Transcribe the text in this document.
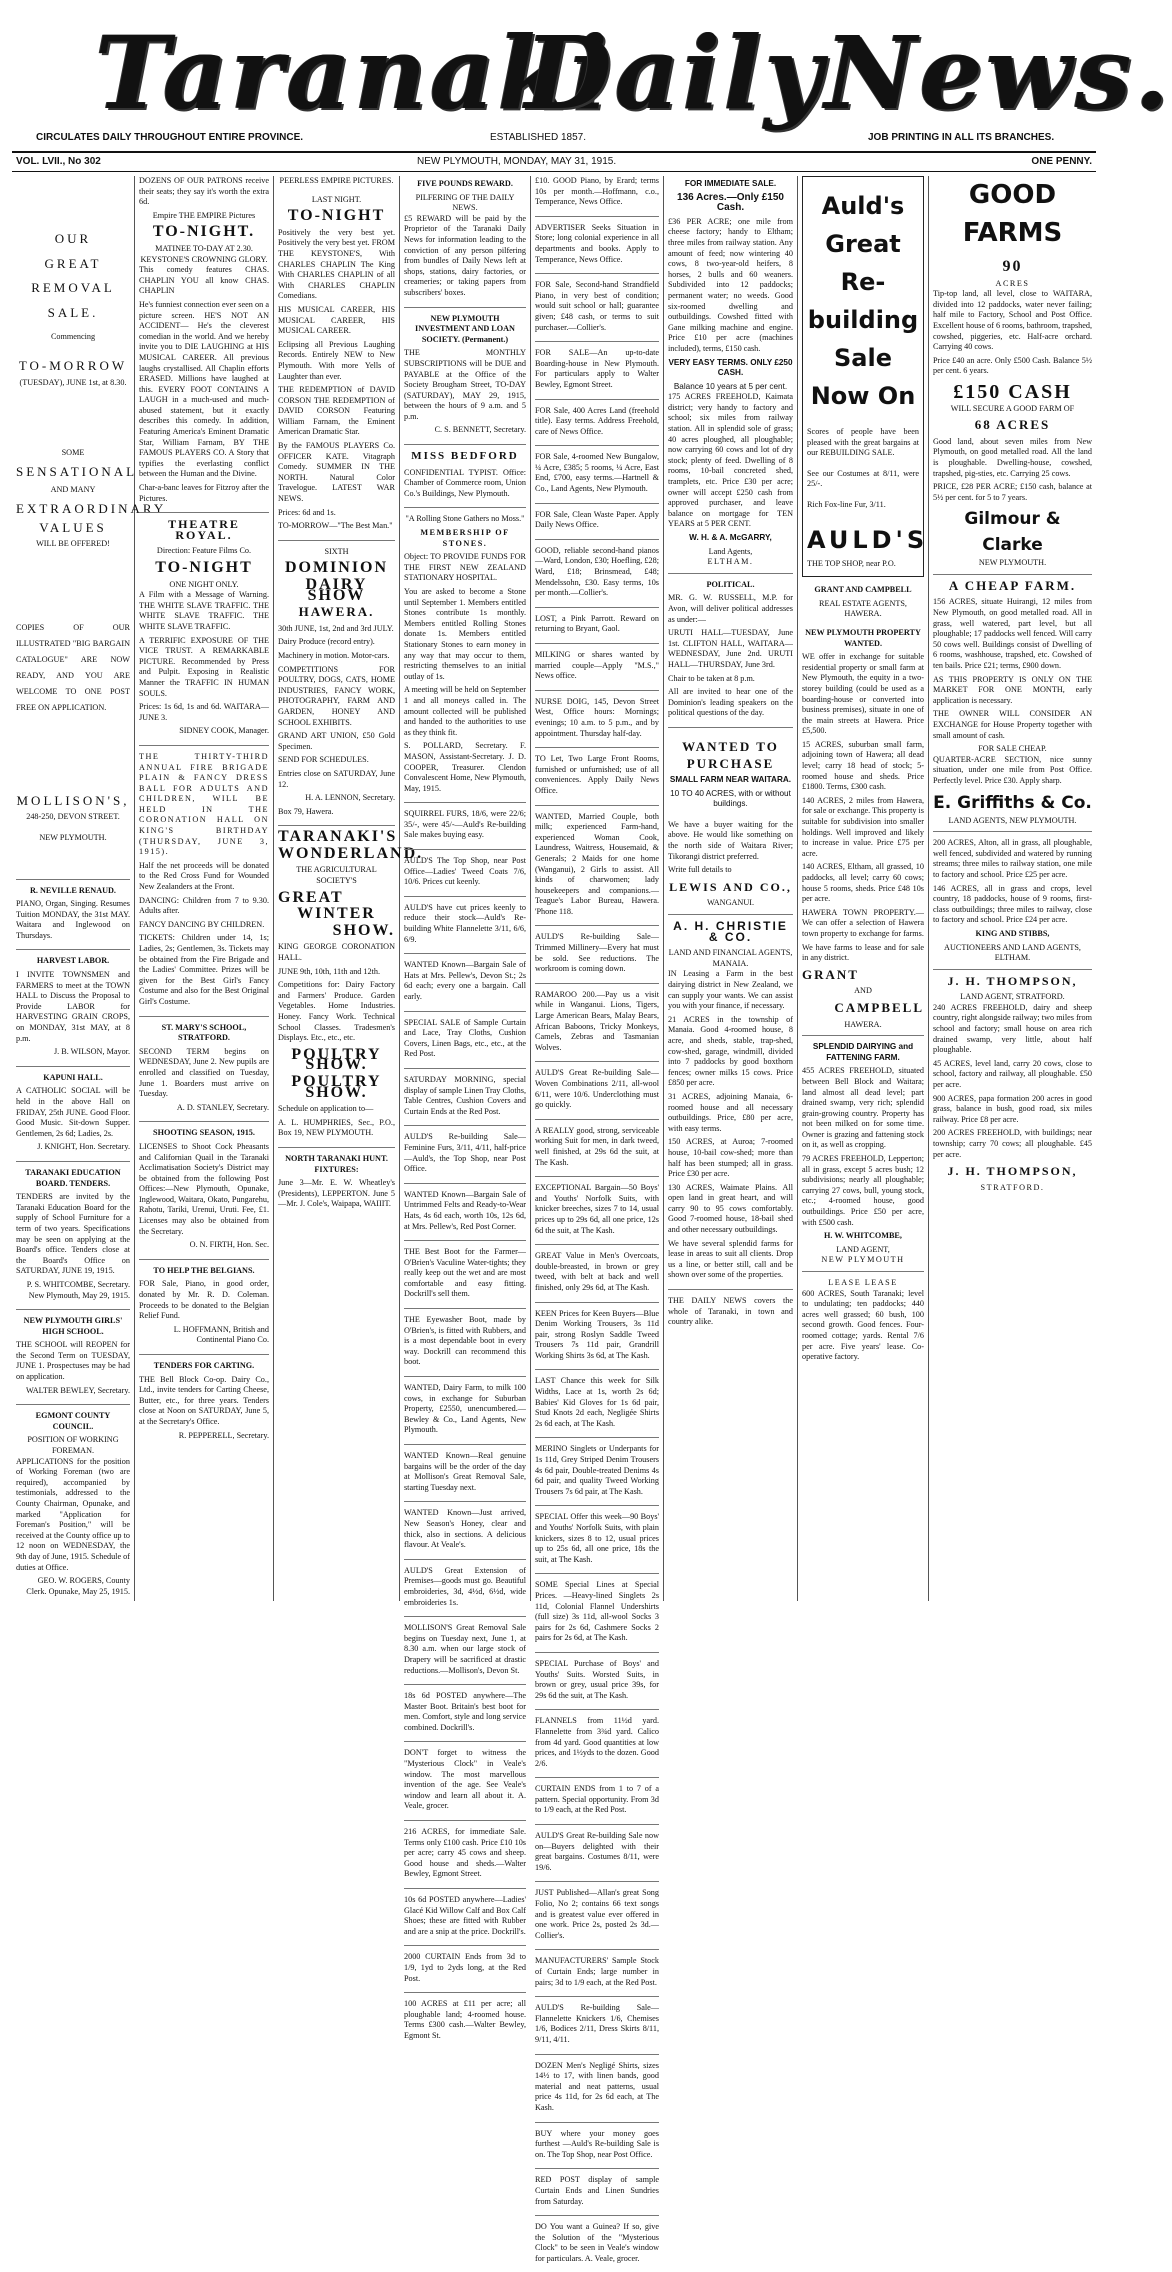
Taranaki
Daily News.
CIRCULATES DAILY THROUGHOUT ENTIRE PROVINCE.	ESTABLISHED 1857.	JOB PRINTING IN ALL ITS BRANCHES.
VOL. LVII., No 302	NEW PLYMOUTH, MONDAY, MAY 31, 1915.	ONE PENNY.
OUR
GREAT
REMOVAL
SALE.
Commencing
TO-MORROW
(TUESDAY), JUNE 1st, at 8.30.
SOME
SENSATIONAL
AND MANY
EXTRAORDINARY
VALUES
WILL BE OFFERED!

COPIES OF OUR ILLUSTRATED "BIG BARGAIN CATALOGUE" ARE NOW READY, AND YOU ARE WELCOME TO ONE POST FREE ON APPLICATION.

MOLLISON'S,
248-250, DEVON STREET.
NEW PLYMOUTH.
R. NEVILLE RENAUD.

PIANO, Organ, Singing. Resumes Tuition MONDAY, the 31st MAY. Waitara and Inglewood on Thursdays.

HARVEST LABOR.

I INVITE TOWNSMEN and FARMERS to meet at the TOWN HALL to Discuss the Proposal to Provide LABOR for HARVESTING GRAIN CROPS, on MONDAY, 31st MAY, at 8 p.m.

J. B. WILSON, Mayor.

KAPUNI HALL.

A CATHOLIC SOCIAL will be held in the above Hall on FRIDAY, 25th JUNE. Good Floor. Good Music. Sit-down Supper. Gentlemen, 2s 6d; Ladies, 2s.

J. KNIGHT, Hon. Secretary.

TARANAKI EDUCATION BOARD. TENDERS.

TENDERS are invited by the Taranaki Education Board for the supply of School Furniture for a term of two years. Specifications may be seen on applying at the Board's office. Tenders close at the Board's Office on SATURDAY, JUNE 19, 1915.

P. S. WHITCOMBE, Secretary. New Plymouth, May 29, 1915.

NEW PLYMOUTH GIRLS' HIGH SCHOOL.

THE SCHOOL will REOPEN for the Second Term on TUESDAY, JUNE 1. Prospectuses may be had on application.

WALTER BEWLEY, Secretary.

EGMONT COUNTY COUNCIL.
POSITION OF WORKING FOREMAN.

APPLICATIONS for the position of Working Foreman (two are required), accompanied by testimonials, addressed to the County Chairman, Opunake, and marked "Application for Foreman's Position," will be received at the County office up to 12 noon on WEDNESDAY, the 9th day of June, 1915. Schedule of duties at Office.

GEO. W. ROGERS, County Clerk. Opunake, May 25, 1915.

DOZENS OF OUR PATRONS receive their seats; they say it's worth the extra 6d.

Empire THE EMPIRE Pictures
TO-NIGHT.
MATINEE TO-DAY AT 2.30.
KEYSTONE'S CROWNING GLORY.

This comedy features CHAS. CHAPLIN YOU all know CHAS. CHAPLIN

He's funniest connection ever seen on a picture screen. HE'S NOT AN ACCIDENT— He's the cleverest comedian in the world. And we hereby invite you to DIE LAUGHING at HIS MUSICAL CAREER. All previous laughs crystallised. All Chaplin efforts ERASED. Millions have laughed at this. EVERY FOOT CONTAINS A LAUGH in a much-used and much-abused statement, but it exactly describes this comedy. In addition, Featuring America's Eminent Dramatic Star, William Farnam, BY THE FAMOUS PLAYERS CO. A Story that typifies the everlasting conflict between the Human and the Divine.

Char-a-banc leaves for Fitzroy after the Pictures.

THEATRE ROYAL.
Direction: Feature Films Co.
TO-NIGHT
ONE NIGHT ONLY.

A Film with a Message of Warning. THE WHITE SLAVE TRAFFIC. THE WHITE SLAVE TRAFFIC. THE WHITE SLAVE TRAFFIC.

A TERRIFIC EXPOSURE OF THE VICE TRUST. A REMARKABLE PICTURE. Recommended by Press and Pulpit. Exposing in Realistic Manner the TRAFFIC IN HUMAN SOULS.

Prices: 1s 6d, 1s and 6d. WAITARA—JUNE 3.

SIDNEY COOK, Manager.

THE THIRTY-THIRD ANNUAL FIRE BRIGADE PLAIN & FANCY DRESS BALL FOR ADULTS AND CHILDREN, WILL BE HELD IN THE CORONATION HALL ON KING'S BIRTHDAY (THURSDAY, JUNE 3, 1915).

Half the net proceeds will be donated to the Red Cross Fund for Wounded New Zealanders at the Front.

DANCING: Children from 7 to 9.30. Adults after.

FANCY DANCING BY CHILDREN.

TICKETS: Children under 14, 1s; Ladies, 2s; Gentlemen, 3s. Tickets may be obtained from the Fire Brigade and the Ladies' Committee. Prizes will be given for the Best Girl's Fancy Costume and also for the Best Original Girl's Costume.

ST. MARY'S SCHOOL, STRATFORD.

SECOND TERM begins on WEDNESDAY, June 2. New pupils are enrolled and classified on Tuesday, June 1. Boarders must arrive on Tuesday.

A. D. STANLEY, Secretary.

SHOOTING SEASON, 1915.

LICENSES to Shoot Cock Pheasants and Californian Quail in the Taranaki Acclimatisation Society's District may be obtained from the following Post Offices:—New Plymouth, Opunake, Inglewood, Waitara, Okato, Pungarehu, Rahotu, Tariki, Urenui, Uruti. Fee, £1. Licenses may also be obtained from the Secretary.

O. N. FIRTH, Hon. Sec.

TO HELP THE BELGIANS.

FOR Sale, Piano, in good order, donated by Mr. R. D. Coleman. Proceeds to be donated to the Belgian Relief Fund.

L. HOFFMANN, British and Continental Piano Co.

TENDERS FOR CARTING.

THE Bell Block Co-op. Dairy Co., Ltd., invite tenders for Carting Cheese, Butter, etc., for three years. Tenders close at Noon on SATURDAY, June 5, at the Secretary's Office.

R. PEPPERELL, Secretary.

PEERLESS EMPIRE PICTURES.
LAST NIGHT.
TO-NIGHT

Positively the very best yet. Positively the very best yet. FROM THE KEYSTONE'S, With CHARLES CHAPLIN The King With CHARLES CHAPLIN of all With CHARLES CHAPLIN Comedians.

HIS MUSICAL CAREER, HIS MUSICAL CAREER, HIS MUSICAL CAREER.

Eclipsing all Previous Laughing Records. Entirely NEW to New Plymouth. With more Yells of Laughter than ever.

THE REDEMPTION of DAVID CORSON THE REDEMPTION of DAVID CORSON Featuring William Farnam, the Eminent American Dramatic Star.

By the FAMOUS PLAYERS Co. OFFICER KATE. Vitagraph Comedy. SUMMER IN THE NORTH. Natural Color Travelogue. LATEST WAR NEWS.

Prices: 6d and 1s.

TO-MORROW—"The Best Man."

SIXTH
DOMINION
DAIRY SHOW
HAWERA.

30th JUNE, 1st, 2nd and 3rd JULY.

Dairy Produce (record entry).

Machinery in motion. Motor-cars.

COMPETITIONS FOR POULTRY, DOGS, CATS, HOME INDUSTRIES, FANCY WORK, PHOTOGRAPHY, FARM AND GARDEN, HONEY AND SCHOOL EXHIBITS.

GRAND ART UNION, £50 Gold Specimen.

SEND FOR SCHEDULES.

Entries close on SATURDAY, June 12.

H. A. LENNON, Secretary.

Box 79, Hawera.

TARANAKI'S
WONDERLAND.
THE AGRICULTURAL SOCIETY'S
GREAT
WINTER
SHOW.

KING GEORGE CORONATION HALL.

JUNE 9th, 10th, 11th and 12th.

Competitions for: Dairy Factory and Farmers' Produce. Garden Vegetables. Home Industries. Honey. Fancy Work. Technical School Classes. Tradesmen's Displays. Etc., etc., etc.

POULTRY SHOW.
POULTRY SHOW.

Schedule on application to—

A. L. HUMPHRIES, Sec., P.O., Box 19, NEW PLYMOUTH.

NORTH TARANAKI HUNT. FIXTURES:

June 3—Mr. E. W. Wheatley's (Presidents), LEPPERTON. June 5—Mr. J. Cole's, Waipapa, WAIIIT.

FIVE POUNDS REWARD.
PILFERING OF THE DAILY NEWS.

£5 REWARD will be paid by the Proprietor of the Taranaki Daily News for information leading to the conviction of any person pilfering from bundles of Daily News left at shops, stations, dairy factories, or creameries; or taking papers from subscribers' boxes.

NEW PLYMOUTH INVESTMENT AND LOAN SOCIETY. (Permanent.)

THE MONTHLY SUBSCRIPTIONS will be DUE and PAYABLE at the Office of the Society Brougham Street, TO-DAY (SATURDAY), MAY 29, 1915, between the hours of 9 a.m. and 5 p.m.

C. S. BENNETT, Secretary.

MISS BEDFORD

CONFIDENTIAL TYPIST. Office: Chamber of Commerce room, Union Co.'s Buildings, New Plymouth.

"A Rolling Stone Gathers no Moss."
MEMBERSHIP OF STONES.

Object: TO PROVIDE FUNDS FOR THE FIRST NEW ZEALAND STATIONARY HOSPITAL.

You are asked to become a Stone until September 1. Members entitled Stones contribute 1s monthly. Members entitled Rolling Stones donate 1s. Members entitled Stationary Stones to earn money in any way that may occur to them, restricting themselves to an initial outlay of 1s.

A meeting will be held on September 1 and all moneys called in. The amount collected will be published and handed to the authorities to use as they think fit.

S. POLLARD, Secretary. F. MASON, Assistant-Secretary. J. D. COOPER, Treasurer. Clendon Convalescent Home, New Plymouth, May, 1915.

SQUIRREL FURS, 18/6, were 22/6; 35/-, were 45/-—Auld's Re-building Sale makes buying easy.

AULD'S The Top Shop, near Post Office—Ladies' Tweed Coats 7/6, 10/6. Prices cut keenly.

AULD'S have cut prices keenly to reduce their stock—Auld's Re-building White Flannelette 3/11, 6/6, 6/9.

WANTED Known—Bargain Sale of Hats at Mrs. Pellew's, Devon St.; 2s 6d each; every one a bargain. Call early.

SPECIAL SALE of Sample Curtain and Lace, Tray Cloths, Cushion Covers, Linen Bags, etc., etc., at the Red Post.

SATURDAY MORNING, special display of sample Linen Tray Cloths, Table Centres, Cushion Covers and Curtain Ends at the Red Post.

AULD'S Re-building Sale—Feminine Furs, 3/11, 4/11, half-price—Auld's, the Top Shop, near Post Office.

WANTED Known—Bargain Sale of Untrimmed Felts and Ready-to-Wear Hats, 4s 6d each, worth 10s, 12s 6d, at Mrs. Pellew's, Red Post Corner.

THE Best Boot for the Farmer—O'Brien's Vaculine Water-tights; they really keep out the wet and are most comfortable and easy fitting. Dockrill's sell them.

THE Eyewasher Boot, made by O'Brien's, is fitted with Rubbers, and is a most dependable boot in every way. Dockrill can recommend this boot.

WANTED, Dairy Farm, to milk 100 cows, in exchange for Suburban Property, £2550, unencumbered.—Bewley & Co., Land Agents, New Plymouth.

WANTED Known—Real genuine bargains will be the order of the day at Mollison's Great Removal Sale, starting Tuesday next.

WANTED Known—Just arrived, New Season's Honey, clear and thick, also in sections. A delicious flavour. At Veale's.

AULD'S Great Extension of Premises—goods must go. Beautiful embroideries, 3d, 4½d, 6½d, wide embroideries 1s.

MOLLISON'S Great Removal Sale begins on Tuesday next, June 1, at 8.30 a.m. when our large stock of Drapery will be sacrificed at drastic reductions.—Mollison's, Devon St.

18s 6d POSTED anywhere—The Master Boot. Britain's best boot for men. Comfort, style and long service combined. Dockrill's.

DON'T forget to witness the "Mysterious Clock" in Veale's window. The most marvellous invention of the age. See Veale's window and learn all about it. A. Veale, grocer.

216 ACRES, for immediate Sale. Terms only £100 cash. Price £10 10s per acre; carry 45 cows and sheep. Good house and sheds.—Walter Bewley, Egmont Street.

10s 6d POSTED anywhere—Ladies' Glacé Kid Willow Calf and Box Calf Shoes; these are fitted with Rubber and are a snip at the price. Dockrill's.

2000 CURTAIN Ends from 3d to 1/9, 1yd to 2yds long, at the Red Post.

100 ACRES at £11 per acre; all ploughable land; 4-roomed house. Terms £300 cash.—Walter Bewley, Egmont St.

£10. GOOD Piano, by Erard; terms 10s per month.—Hoffmann, c.o., Temperance, News Office.

ADVERTISER Seeks Situation in Store; long colonial experience in all departments and books. Apply to Temperance, News Office.

FOR Sale, Second-hand Strandfield Piano, in very best of condition; would suit school or hall; guarantee given; £48 cash, or terms to suit purchaser.—Collier's.

FOR SALE—An up-to-date Boarding-house in New Plymouth. For particulars apply to Walter Bewley, Egmont Street.

FOR Sale, 400 Acres Land (freehold title). Easy terms. Address Freehold, care of News Office.

FOR Sale, 4-roomed New Bungalow, ¼ Acre, £385; 5 rooms, ¼ Acre, East End, £700, easy terms.—Hartnell & Co., Land Agents, New Plymouth.

FOR Sale, Clean Waste Paper. Apply Daily News Office.

GOOD, reliable second-hand pianos—Ward, London, £30; Hoefling, £28; Ward, £18; Brinsmead, £48; Mendelssohn, £30. Easy terms, 10s per month.—Collier's.

LOST, a Pink Parrott. Reward on returning to Bryant, Gaol.

MILKING or shares wanted by married couple—Apply "M.S.," News office.

NURSE DOIG, 145, Devon Street West, Office hours: Mornings; evenings; 10 a.m. to 5 p.m., and by appointment. Thursday half-day.

TO Let, Two Large Front Rooms, furnished or unfurnished; use of all conveniences. Apply Daily News Office.

WANTED, Married Couple, both milk; experienced Farm-hand, experienced Woman Cook, Laundress, Waitress, Housemaid, & Generals; 2 Maids for one home (Wanganui), 2 Girls to assist. All kinds of charwomen; lady housekeepers and companions.—Teague's Labor Bureau, Hawera. 'Phone 118.

AULD'S Re-building Sale—Trimmed Millinery—Every hat must be sold. See reductions. The workroom is coming down.

RAMAROO 200.—Pay us a visit while in Wanganui. Lions, Tigers, Large American Bears, Malay Bears, African Baboons, Tricky Monkeys, Camels, Zebras and Tasmanian Wolves.

AULD'S Great Re-building Sale—Woven Combinations 2/11, all-wool 6/11, were 10/6. Underclothing must go quickly.

A REALLY good, strong, serviceable working Suit for men, in dark tweed, well finished, at 29s 6d the suit, at The Kash.

EXCEPTIONAL Bargain—50 Boys' and Youths' Norfolk Suits, with knicker breeches, sizes 7 to 14, usual prices up to 29s 6d, all one price, 12s 6d the suit, at The Kash.

GREAT Value in Men's Overcoats, double-breasted, in brown or grey tweed, with belt at back and well finished, only 29s 6d, at The Kash.

KEEN Prices for Keen Buyers—Blue Denim Working Trousers, 3s 11d pair, strong Roslyn Saddle Tweed Trousers 7s 11d pair, Grandrill Working Shirts 3s 6d, at The Kash.

LAST Chance this week for Silk Widths, Lace at 1s, worth 2s 6d; Babies' Kid Gloves for 1s 6d pair, Stud Knots 2d each, Negligée Shirts 2s 6d each, at The Kash.

MERINO Singlets or Underpants for 1s 11d, Grey Striped Denim Trousers 4s 6d pair, Double-treated Denims 4s 6d pair, and quality Tweed Working Trousers 7s 6d pair, at The Kash.

SPECIAL Offer this week—90 Boys' and Youths' Norfolk Suits, with plain knickers, sizes 8 to 12, usual prices up to 25s 6d, all one price, 18s the suit, at The Kash.

SOME Special Lines at Special Prices. —Heavy-lined Singlets 2s 11d, Colonial Flannel Undershirts (full size) 3s 11d, all-wool Socks 3 pairs for 2s 6d, Cashmere Socks 2 pairs for 2s 6d, at The Kash.

SPECIAL Purchase of Boys' and Youths' Suits. Worsted Suits, in brown or grey, usual price 39s, for 29s 6d the suit, at The Kash.

FLANNELS from 11½d yard. Flannelette from 3¾d yard. Calico from 4d yard. Good quantities at low prices, and 1½yds to the dozen. Good 2/6.

CURTAIN ENDS from 1 to 7 of a pattern. Special opportunity. From 3d to 1/9 each, at the Red Post.

AULD'S Great Re-building Sale now on—Buyers delighted with their great bargains. Costumes 8/11, were 19/6.

JUST Published—Allan's great Song Folio, No 2; contains 66 text songs and is greatest value ever offered in one work. Price 2s, posted 2s 3d.—Collier's.

MANUFACTURERS' Sample Stock of Curtain Ends; large number in pairs; 3d to 1/9 each, at the Red Post.

AULD'S Re-building Sale—Flannelette Knickers 1/6, Chemises 1/6, Bodices 2/11, Dress Skirts 8/11, 9/11, 4/11.

DOZEN Men's Negligé Shirts, sizes 14½ to 17, with linen bands, good material and neat patterns, usual price 4s 11d, for 2s 6d each, at The Kash.

BUY where your money goes furthest —Auld's Re-building Sale is on. The Top Shop, near Post Office.

RED POST display of sample Curtain Ends and Linen Sundries from Saturday.

DO You want a Guinea? If so, give the Solution of the "Mysterious Clock" to be seen in Veale's window for particulars. A. Veale, grocer.

FOR IMMEDIATE SALE.
136 Acres.—Only £150 Cash.

£36 PER ACRE; one mile from cheese factory; handy to Eltham; three miles from railway station. Any amount of feed; now wintering 40 cows, 8 two-year-old heifers, 8 horses, 2 bulls and 60 weaners. Subdivided into 12 paddocks; permanent water; no weeds. Good six-roomed dwelling and outbuildings. Cowshed fitted with Gane milking machine and engine. Price £10 per acre (machines included), terms, £150 cash.

VERY EASY TERMS. ONLY £250 CASH.
Balance 10 years at 5 per cent.

175 ACRES FREEHOLD, Kaimata district; very handy to factory and school; six miles from railway station. All in splendid sole of grass; 40 acres ploughed, all ploughable; now carrying 60 cows and lot of dry stock; plenty of feed. Dwelling of 8 rooms, 10-bail concreted shed, tramplets, etc. Price £30 per acre; owner will accept £250 cash from approved purchaser, and leave balance on mortgage for TEN YEARS at 5 PER CENT.

W. H. & A. McGARRY,
Land Agents,
ELTHAM.
POLITICAL.

MR. G. W. RUSSELL, M.P. for Avon, will deliver political addresses as under:—

URUTI HALL—TUESDAY, June 1st. CLIFTON HALL, WAITARA—WEDNESDAY, June 2nd. URUTI HALL—THURSDAY, June 3rd.

Chair to be taken at 8 p.m.

All are invited to hear one of the Dominion's leading speakers on the political questions of the day.

WANTED TO
PURCHASE
SMALL FARM NEAR WAITARA.
10 TO 40 ACRES, with or without buildings.

We have a buyer waiting for the above. He would like something on the north side of Waitara River; Tikorangi district preferred.

Write full details to

LEWIS AND CO.,
WANGANUI.
A. H. CHRISTIE & CO.
LAND AND FINANCIAL AGENTS,
MANAIA.

IN Leasing a Farm in the best dairying district in New Zealand, we can supply your wants. We can assist you with your finance, if necessary.

21 ACRES in the township of Manaia. Good 4-roomed house, 8 acre, and sheds, stable, trap-shed, cow-shed, garage, windmill, divided into 7 paddocks by good boxthorn fences; owner milks 15 cows. Price £850 per acre.

31 ACRES, adjoining Manaia, 6-roomed house and all necessary outbuildings. Price, £80 per acre, with easy terms.

150 ACRES, at Auroa; 7-roomed house, 10-bail cow-shed; more than half has been stumped; all in grass. Price £30 per acre.

130 ACRES, Waimate Plains. All open land in great heart, and will carry 90 to 95 cows comfortably. Good 7-roomed house, 18-bail shed and other necessary outbuildings.

We have several splendid farms for lease in areas to suit all clients. Drop us a line, or better still, call and be shown over some of the properties.

THE DAILY NEWS covers the whole of Taranaki, in town and country alike.

Auld's
Great
Re-building
Sale
Now On

Scores of people have been pleased with the great bargains at our REBUILDING SALE.

See our Costumes at 8/11, were 25/-.

Rich Fox-line Fur, 3/11.

AULD'S

THE TOP SHOP, near P.O.

GRANT AND CAMPBELL
REAL ESTATE AGENTS, HAWERA.
NEW PLYMOUTH PROPERTY WANTED.

WE offer in exchange for suitable residential property or small farm at New Plymouth, the equity in a two-storey building (could be used as a boarding-house or converted into business premises), situate in one of the main streets at Hawera. Price £5,500.

15 ACRES, suburban small farm, adjoining town of Hawera; all dead level; carry 18 head of stock; 5-roomed house and sheds. Price £1800. Terms, £300 cash.

140 ACRES, 2 miles from Hawera, for sale or exchange. This property is suitable for subdivision into smaller holdings. Well improved and likely to increase in value. Price £75 per acre.

140 ACRES, Eltham, all grassed, 10 paddocks, all level; carry 60 cows; house 5 rooms, sheds. Price £48 10s per acre.

HAWERA TOWN PROPERTY.—We can offer a selection of Hawera town property to exchange for farms.

We have farms to lease and for sale in any district.

GRANT
AND
CAMPBELL
HAWERA.
SPLENDID DAIRYING and FATTENING FARM.

455 ACRES FREEHOLD, situated between Bell Block and Waitara; land almost all dead level; part drained swamp, very rich; splendid grain-growing country. Property has not been milked on for some time. Owner is grazing and fattening stock on it, as well as cropping.

79 ACRES FREEHOLD, Lepperton; all in grass, except 5 acres bush; 12 subdivisions; nearly all ploughable; carrying 27 cows, bull, young stock, etc.; 4-roomed house, good outbuildings. Price £50 per acre, with £500 cash.

H. W. WHITCOMBE,
LAND AGENT,
NEW PLYMOUTH
LEASE LEASE

600 ACRES, South Taranaki; level to undulating; ten paddocks; 440 acres well grassed; 60 bush, 100 second growth. Good fences. Four-roomed cottage; yards. Rental 7/6 per acre. Five years' lease. Co-operative factory.

GOOD FARMS
90
ACRES

Tip-top land, all level, close to WAITARA, divided into 12 paddocks, water never failing; half mile to Factory, School and Post Office. Excellent house of 6 rooms, bathroom, trapshed, cowshed, piggeries, etc. Half-acre orchard. Carrying 40 cows.

Price £40 an acre. Only £500 Cash. Balance 5½ per cent. 6 years.

£150 CASH
WILL SECURE A GOOD FARM OF
68 ACRES

Good land, about seven miles from New Plymouth, on good metalled road. All the land is ploughable. Dwelling-house, cowshed, trapshed, pig-sties, etc. Carrying 25 cows.

PRICE, £28 PER ACRE; £150 cash, balance at 5½ per cent. for 5 to 7 years.

Gilmour & Clarke
NEW PLYMOUTH.
A CHEAP FARM.

156 ACRES, situate Huirangi, 12 miles from New Plymouth, on good metalled road. All in grass, well watered, part level, but all ploughable; 17 paddocks well fenced. Will carry 50 cows well. Buildings consist of Dwelling of 6 rooms, washhouse, trapshed, etc. Cowshed of ten bails. Price £21; terms, £900 down.

AS THIS PROPERTY IS ONLY ON THE MARKET FOR ONE MONTH, early application is necessary.

THE OWNER WILL CONSIDER AN EXCHANGE for House Property together with small amount of cash.

FOR SALE CHEAP.

QUARTER-ACRE SECTION, nice sunny situation, under one mile from Post Office. Perfectly level. Price £30. Apply sharp.

E. Griffiths & Co.
LAND AGENTS, NEW PLYMOUTH.

200 ACRES, Alton, all in grass, all ploughable, well fenced, subdivided and watered by running streams; three miles to railway station, one mile to factory and school. Price £25 per acre.

146 ACRES, all in grass and crops, level country, 18 paddocks, house of 9 rooms, first-class outbuildings; three miles to railway, close to factory and school. Price £24 per acre.

KING AND STIBBS,
AUCTIONEERS AND LAND AGENTS, ELTHAM.
J. H. THOMPSON,
LAND AGENT, STRATFORD.

240 ACRES FREEHOLD, dairy and sheep country, right alongside railway; two miles from school and factory; small house on area rich drained swamp, very little, about half ploughable.

45 ACRES, level land, carry 20 cows, close to school, factory and railway, all ploughable. £50 per acre.

900 ACRES, papa formation 200 acres in good grass, balance in bush, good road, six miles railway. Price £8 per acre.

200 ACRES FREEHOLD, with buildings; near township; carry 70 cows; all ploughable. £45 per acre.

J. H. THOMPSON,
STRATFORD.
